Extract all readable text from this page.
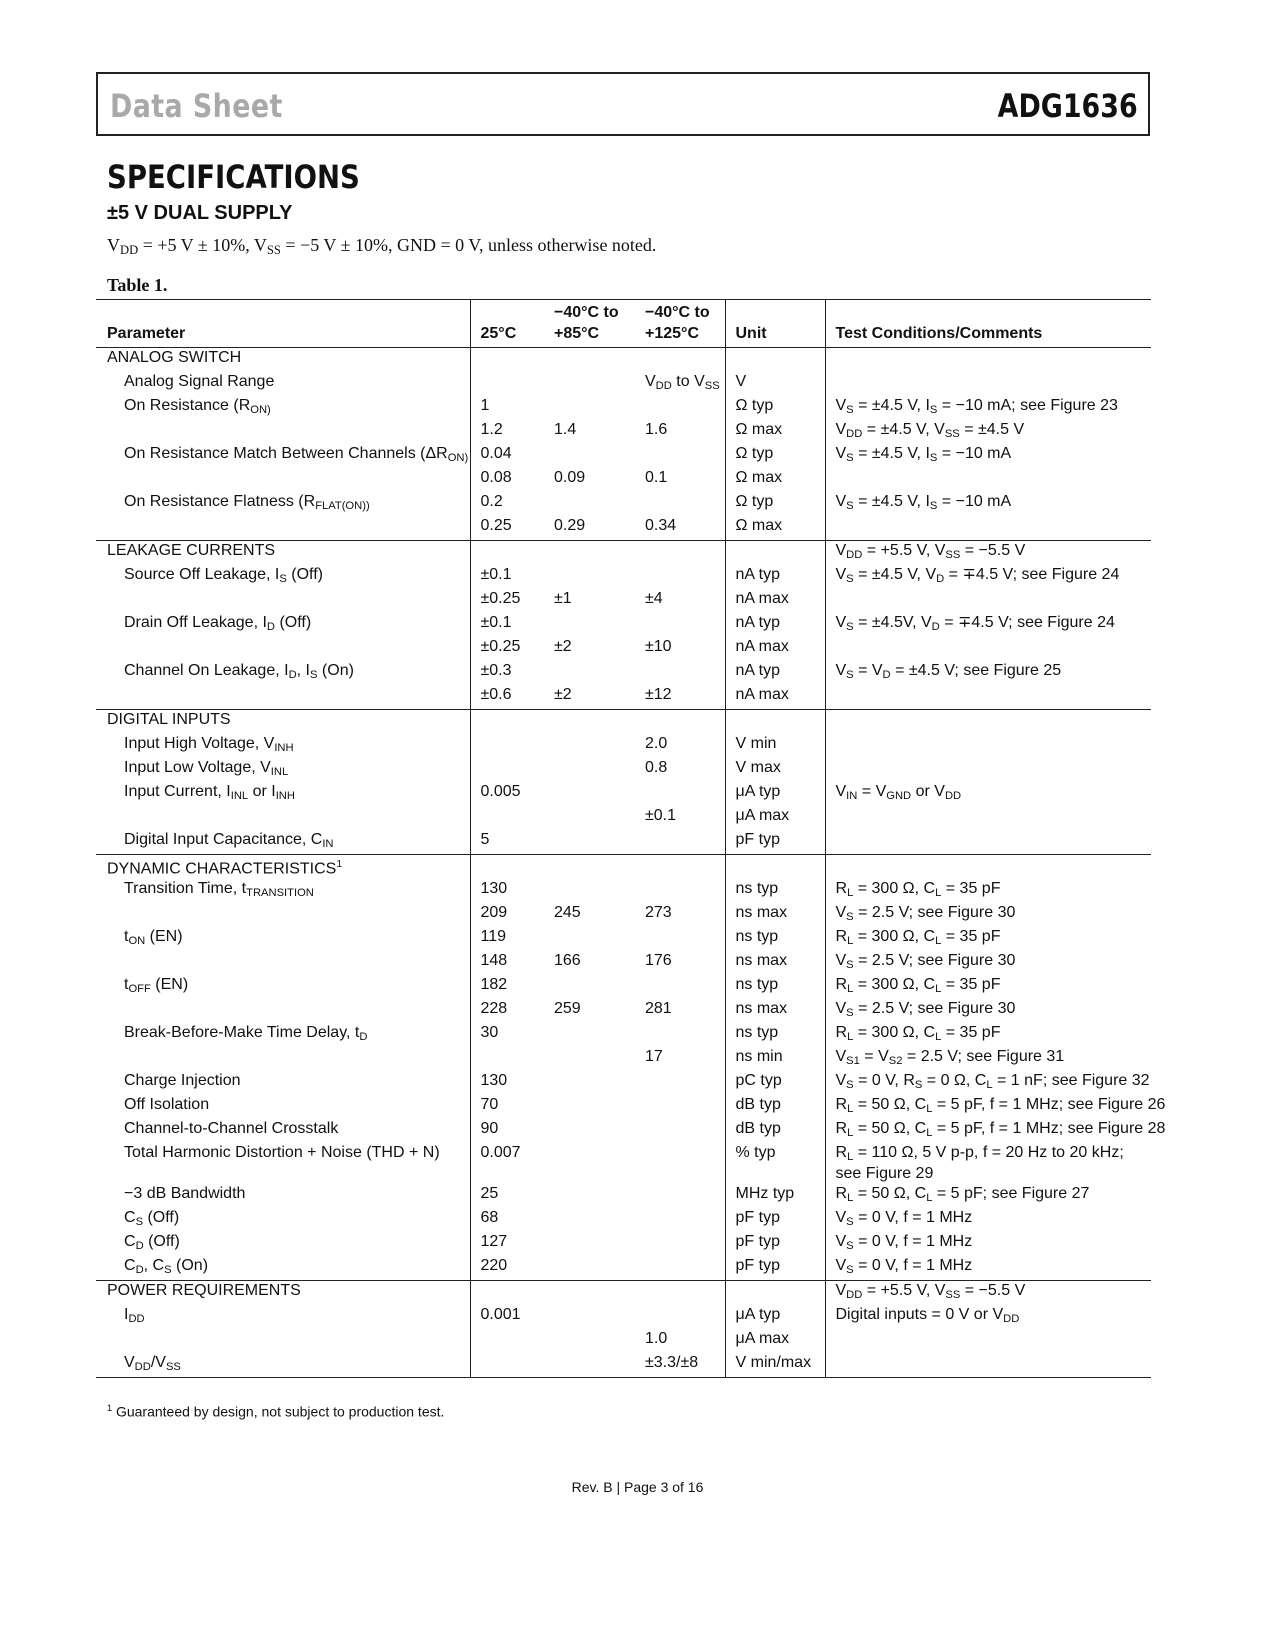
Data Sheet	ADG1636
SPECIFICATIONS
±5 V DUAL SUPPLY
$V_{DD} = +5$ V ± 10%, $V_{SS} = -5$ V ± 10%, GND = 0 V, unless otherwise noted.
Table 1.
Parameter	25°C	−40°C to +85°C	−40°C to +125°C	Unit	Test Conditions/Comments
ANALOG SWITCH					
Analog Signal Range			$V_{DD}$ to $V_{SS}$	V	
On Resistance ($R_{ON)}$	1			Ω typ	$V_S = \pm 4.5$ V, $I_S = -10$ mA; see Figure 23
	1.2	1.4	1.6	Ω max	$V_{DD} = \pm 4.5$ V, $V_{SS} = \pm 4.5$ V
On Resistance Match Between Channels ($\Delta R_{ON)}$	0.04			Ω typ	$V_S = \pm 4.5$ V, $I_S = -10$ mA
	0.08	0.09	0.1	Ω max	
On Resistance Flatness ($R_{FLAT(ON))}$	0.2			Ω typ	$V_S = \pm 4.5$ V, $I_S = -10$ mA
	0.25	0.29	0.34	Ω max	
LEAKAGE CURRENTS					$V_{DD} = +5.5$ V, $V_{SS} = -5.5$ V
Source Off Leakage, $I_S$ (Off)	±0.1			nA typ	$V_S = \pm 4.5$ V, $V_D = \mp 4.5$ V; see Figure 24
	±0.25	±1	±4	nA max	
Drain Off Leakage, $I_D$ (Off)	±0.1			nA typ	$V_S = \pm 4.5V$, $V_D = \mp 4.5$ V; see Figure 24
	±0.25	±2	±10	nA max	
Channel On Leakage, $I_D$, $I_S$ (On)	±0.3			nA typ	$V_S = V_D = \pm 4.5$ V; see Figure 25
	±0.6	±2	±12	nA max	
DIGITAL INPUTS					
Input High Voltage, $V_{INH}$			2.0	V min	
Input Low Voltage, $V_{INL}$			0.8	V max	
Input Current, $I_{INL}$ or $I_{INH}$	0.005			μA typ	$V_{IN} = V_{GND}$ or $V_{DD}$
			±0.1	μA max	
Digital Input Capacitance, $C_{IN}$	5			pF typ	
DYNAMIC CHARACTERISTICS$^1$					
Transition Time, $t_{TRANSITION}$	130			ns typ	$R_L = 300$ Ω, $C_L = 35$ pF
	209	245	273	ns max	$V_S = 2.5$ V; see Figure 30
$t_{ON}$ (EN)	119			ns typ	$R_L = 300$ Ω, $C_L = 35$ pF
	148	166	176	ns max	$V_S = 2.5$ V; see Figure 30
$t_{OFF}$ (EN)	182			ns typ	$R_L = 300$ Ω, $C_L = 35$ pF
	228	259	281	ns max	$V_S = 2.5$ V; see Figure 30
Break-Before-Make Time Delay, $t_D$	30			ns typ	$R_L = 300$ Ω, $C_L = 35$ pF
			17	ns min	$V_{S1} = V_{S2} = 2.5$ V; see Figure 31
Charge Injection	130			pC typ	$V_S = 0$ V, $R_S = 0$ Ω, $C_L = 1$ nF; see Figure 32
Off Isolation	70			dB typ	$R_L = 50$ Ω, $C_L = 5$ pF, f = 1 MHz; see Figure 26
Channel-to-Channel Crosstalk	90			dB typ	$R_L = 50$ Ω, $C_L = 5$ pF, f = 1 MHz; see Figure 28
Total Harmonic Distortion + Noise (THD + N)	0.007			% typ	$R_L = 110$ Ω, 5 V p-p, f = 20 Hz to 20 kHz; see Figure 29
−3 dB Bandwidth	25			MHz typ	$R_L = 50$ Ω, $C_L = 5$ pF; see Figure 27
$C_S$ (Off)	68			pF typ	$V_S = 0$ V, f = 1 MHz
$C_D$ (Off)	127			pF typ	$V_S = 0$ V, f = 1 MHz
$C_D$, $C_S$ (On)	220			pF typ	$V_S = 0$ V, f = 1 MHz
POWER REQUIREMENTS					$V_{DD} = +5.5$ V, $V_{SS} = -5.5$ V
$I_{DD}$	0.001			μA typ	Digital inputs = 0 V or $V_{DD}$
			1.0	μA max	
$V_{DD}/V_{SS}$			±3.3/±8	V min/max	
$^1$ Guaranteed by design, not subject to production test.
Rev. B | Page 3 of 16
